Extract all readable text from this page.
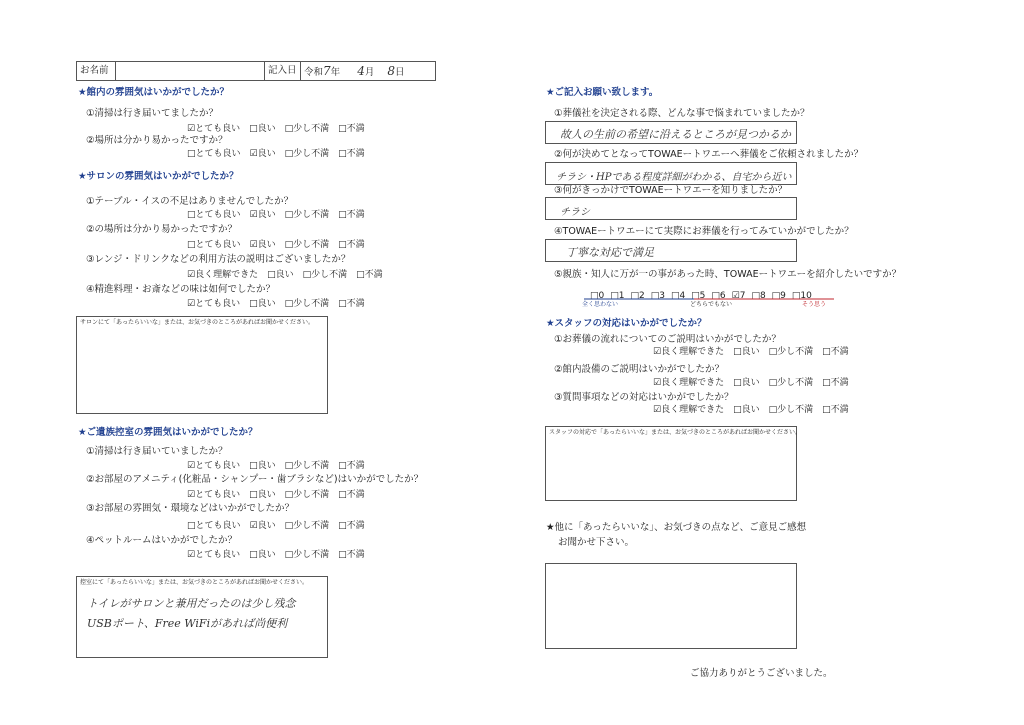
お名前	記入日 令和7年 4月 8日
★館内の雰囲気はいかがでしたか？
①清掃は行き届いてましたか？
☑とても良い □良い □少し不満 □不満
②場所は分かり易かったですか？
□とても良い ☑良い □少し不満 □不満
★サロンの雰囲気はいかがでしたか？
①テーブル・イスの不足はありませんでしたか？
□とても良い ☑良い □少し不満 □不満
②の場所は分かり易かったですか？
□とても良い ☑良い □少し不満 □不満
③レンジ・ドリンクなどの利用方法の説明はございましたか？
☑良く理解できた □良い □少し不満 □不満
④精進料理・お斎などの味は如何でしたか？
☑とても良い □良い □少し不満 □不満
サロンにて「あったらいいな」または、お気づきのところがあればお聞かせください。
★ご遺族控室の雰囲気はいかがでしたか？
①清掃は行き届いていましたか？
☑とても良い □良い □少し不満 □不満
②お部屋のアメニティ(化粧品・シャンプー・歯ブラシなど)はいかがでしたか？
☑とても良い □良い □少し不満 □不満
③お部屋の雰囲気・環境などはいかがでしたか？
□とても良い ☑良い □少し不満 □不満
④ペットルームはいかがでしたか？
☑とても良い □良い □少し不満 □不満
控室にて「あったらいいな」または、お気づきのところがあればお聞かせください。
トイレがサロンと兼用だったのは少し残念
USBポート、Free WiFiがあれば尚便利
★ご記入お願い致します。
①葬儀社を決定される際、どんな事で悩まれていましたか？
故人の生前の希望に沿えるところが見つかるか
②何が決めてとなってTOWAEートワエーへ葬儀をご依頼されましたか？
チラシ・HPである程度詳細がわかる、自宅から近い
③何がきっかけでTOWAEートワエーを知りましたか？
チラシ
④TOWAEートワエーにて実際にお葬儀を行ってみていかがでしたか？
丁寧な対応で満足
⑤親族・知人に万が一の事があった時、TOWAEートワエーを紹介したいですか？
□0 □1 □2 □3 □4 □5 □6 ☑7 □8 □9 □10
全く思わない	どちらでもない	そう思う
★スタッフの対応はいかがでしたか？
①お葬儀の流れについてのご説明はいかがでしたか？
☑良く理解できた □良い □少し不満 □不満
②館内設備のご説明はいかがでしたか？
☑良く理解できた □良い □少し不満 □不満
③質問事項などの対応はいかがでしたか？
☑良く理解できた □良い □少し不満 □不満
スタッフの対応で「あったらいいな」または、お気づきのところがあればお聞かせください。
★他に「あったらいいな」、お気づきの点など、ご意見ご感想
お聞かせ下さい。
ご協力ありがとうございました。
